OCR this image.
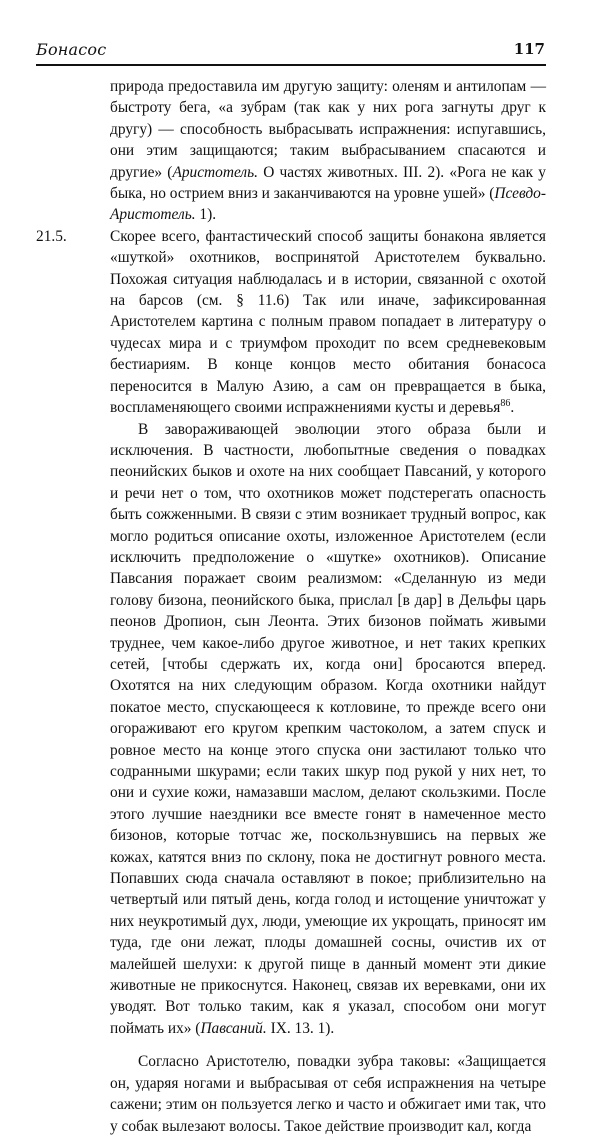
Бонасос	117

природа предоставила им другую защиту: оленям и антилопам — быстроту бега, «а зубрам (так как у них рога загнуты друг к другу) — способность выбрасывать испражнения: испугавшись, они этим защищаются; таким выбрасыванием спасаются и другие» (Аристотель. О частях животных. III. 2). «Рога не как у быка, но острием вниз и заканчиваются на уровне ушей» (Псевдо-Аристотель. 1).

21.5.	Скорее всего, фантастический способ защиты бонакона является «шуткой» охотников, воспринятой Аристотелем буквально. Похожая ситуация наблюдалась и в истории, связанной с охотой на барсов (см. § 11.6) Так или иначе, зафиксированная Аристотелем картина с полным правом попадает в литературу о чудесах мира и с триумфом проходит по всем средневековым бестиариям. В конце концов место обитания бонасоса переносится в Малую Азию, а сам он превращается в быка, воспламеняющего своими испражнениями кусты и деревья$^{86}$.

В завораживающей эволюции этого образа были и исключения. В частности, любопытные сведения о повадках пеонийских быков и охоте на них сообщает Павсаний, у которого и речи нет о том, что охотников может подстерегать опасность быть сожженными. В связи с этим возникает трудный вопрос, как могло родиться описание охоты, изложенное Аристотелем (если исключить предположение о «шутке» охотников). Описание Павсания поражает своим реализмом: «Сделанную из меди голову бизона, пеонийского быка, прислал [в дар] в Дельфы царь пеонов Дропион, сын Леонта. Этих бизонов поймать живыми труднее, чем какое-либо другое животное, и нет таких крепких сетей, [чтобы сдержать их, когда они] бросаются вперед. Охотятся на них следующим образом. Когда охотники найдут покатое место, спускающееся к котловине, то прежде всего они огораживают его кругом крепким частоколом, а затем спуск и ровное место на конце этого спуска они застилают только что содранными шкурами; если таких шкур под рукой у них нет, то они и сухие кожи, намазавши маслом, делают скользкими. После этого лучшие наездники все вместе гонят в намеченное место бизонов, которые тотчас же, поскользнувшись на первых же кожах, катятся вниз по склону, пока не достигнут ровного места. Попавших сюда сначала оставляют в покое; приблизительно на четвертый или пятый день, когда голод и истощение уничтожат у них неукротимый дух, люди, умеющие их укрощать, приносят им туда, где они лежат, плоды домашней сосны, очистив их от малейшей шелухи: к другой пище в данный момент эти дикие животные не прикоснутся. Наконец, связав их веревками, они их уводят. Вот только таким, как я указал, способом они могут поймать их» (Павсаний. IX. 13. 1).

Согласно Аристотелю, повадки зубра таковы: «Защищается он, ударяя ногами и выбрасывая от себя испражнения на четыре сажени; этим он пользуется легко и часто и обжигает ими так, что у собак вылезают волосы. Такое действие производит кал, когда
